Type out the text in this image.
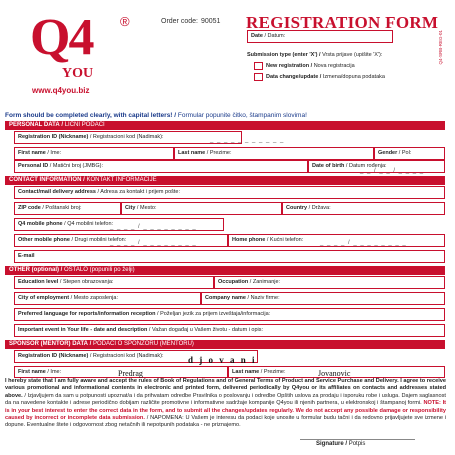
Q4 ®
YOU
www.q4you.biz
Order code: 90051 REGISTRATION FORM
Date / Datum:
Submission type (enter 'X') / Vrsta prijave (upišite 'X'):
New registration / Nova registracija
Data change/update / Izmena/dopuna podataka
Q4-SRB-REG-01
Form should be completed clearly, with capital letters! / Formular popunite čitko, štampanim slovima!
PERSONAL DATA / LIČNI PODACI
Registration ID (Nickname) / Registracioni kod (Nadimak):	_ _ _ _ _ _ _ _ _ _ _
First name / Ime:	Last name / Prezime:	Gender / Pol:
Personal ID / Matični broj (JMBG):	Date of birth / Datum rođenja:
_ _ / _ _ / _ _ _ _
CONTACT INFORMATION / KONTAKT INFORMACIJE
Contact/mail delivery address / Adresa za kontakt i prijem pošte:
ZIP code / Poštanski broj:	City / Mesto:	Country / Država:
Q4 mobile phone / Q4 mobilni telefon:
_ _ _ _ / _ _ _ _ _ _ _ _
Other mobile phone / Drugi mobilni telefon:
_ _ _ _ / _ _ _ _ _ _ _ _	Home phone / Kućni telefon:	_ _ _ _ / _ _ _ _ _ _ _ _
E-mail
OTHER (optional) / OSTALO (popunili po želji)
Education level / Stepen obrazovanja:	Occupation / Zanimanje:
City of employment / Mesto zaposlenja:	Company name / Naziv firme:
Preferred language for reports/information reception / Poželjan jezik za prijem izveštaja/informacija:
Important event in Your life - date and description / Važan događaj u Vašem životu - datum i opis:
SPONSOR (MENTOR) DATA / PODACI O SPONZORU (MENTORU)
Registration ID (Nickname) / Registracioni kod (Nadimak):	d j o v a n i
First name / Ime:	Predrag	Last name / Prezime:	Jovanovic
I hereby state that I am fully aware and accept the rules of Book of Regulations and of General Terms of Product and Service Purchase and Delivery. I agree to receive various promotional and informational contents in electronic and printed form, delivered periodically by Q4you or its affiliates on contacts and addresses stated above. / Izjavljujem da sam u potpunosti upoznat/a i da prihvatam odredbe Pravilnika o poslovanju i odredbe Opštih uslova za prodaju i isporuku robe i usluga. Dajem saglasnost da na navedene kontakte i adrese periodično dobijam različite promotivne i informativne sadržaje kompanije Q4you ili njenih partnera, u elektronskoj i štampanoj formi. NOTE: It is in your best interest to enter the correct data in the form, and to submit all the changes/updates regularly. We do not accept any possible damage or responsibility caused by incorrect or incomplete data submission. / NAPOMENA: U Vašem je interesu da podaci koje unosite u formular budu tačni i da redovno prijavljujete sve izmene i dopune. Eventualne štete i odgovornost zbog netačnih ili nepotpunih podataka - ne priznajemo.
Signature / Potpis
